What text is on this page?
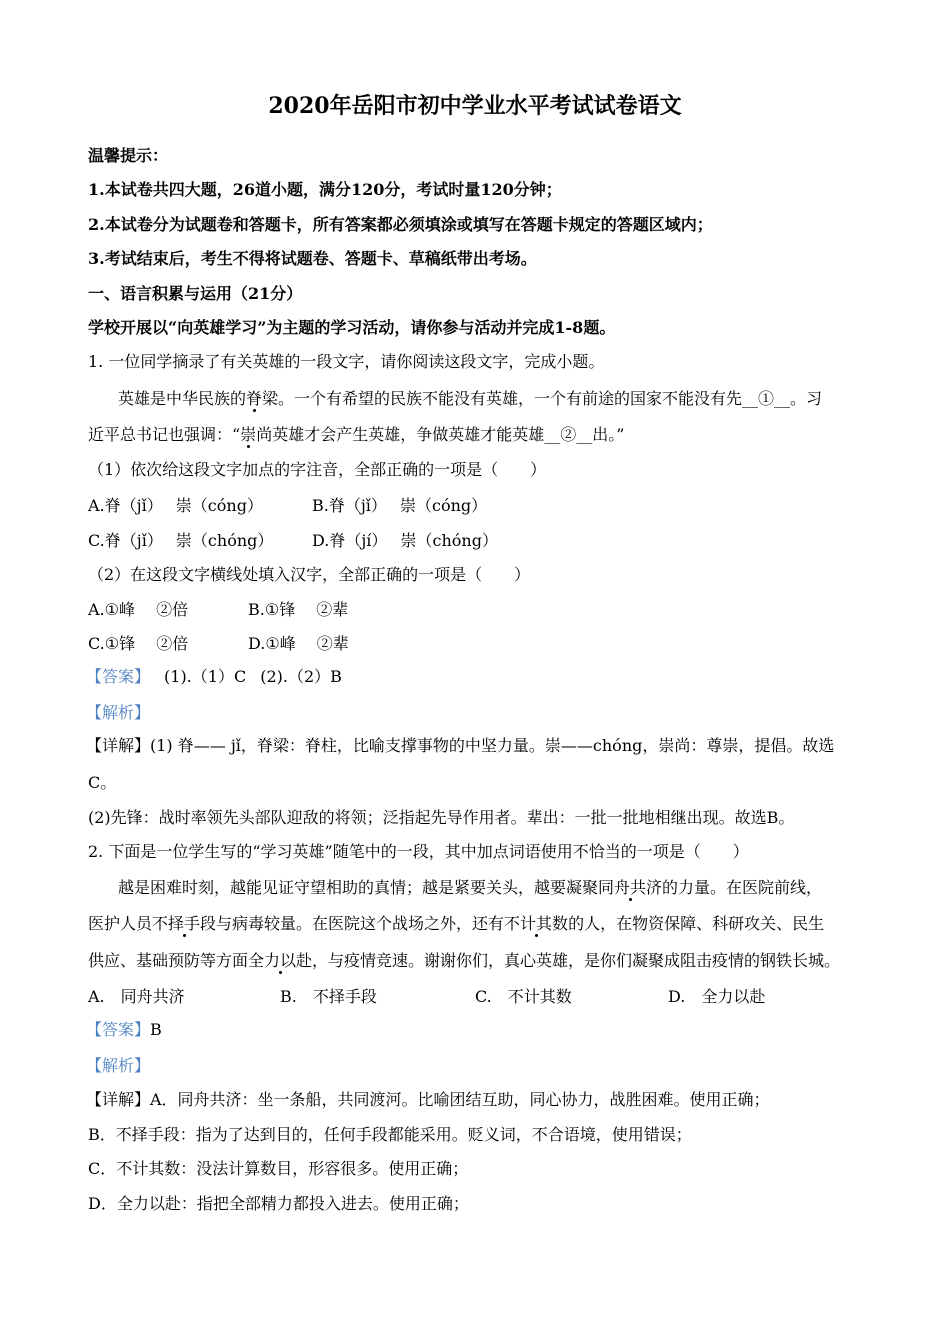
2020年岳阳市初中学业水平考试试卷语文
温馨提示：
1.本试卷共四大题，26道小题，满分120分，考试时量120分钟；
2.本试卷分为试题卷和答题卡，所有答案都必须填涂或填写在答题卡规定的答题区域内；
3.考试结束后，考生不得将试题卷、答题卡、草稿纸带出考场。
一、语言积累与运用（21分）
学校开展以“向英雄学习”为主题的学习活动，请你参与活动并完成1-8题。
1. 一位同学摘录了有关英雄的一段文字，请你阅读这段文字，完成小题。
英雄是中华民族的脊梁。一个有希望的民族不能没有英雄，一个有前途的国家不能没有先__①__。习
近平总书记也强调：“崇尚英雄才会产生英雄，争做英雄才能英雄__②__出。”
（1）依次给这段文字加点的字注音，全部正确的一项是（　　）
A.脊（jǐ）　 崇（cóng）	B.脊（jǐ）　 崇（cóng）
C.脊（jǐ）　 崇（chóng） D.脊（jí）　 崇（chóng）
（2）在这段文字横线处填入汉字，全部正确的一项是（　　）
A.①峰　 ②倍	B.①锋　 ②辈
C.①锋　 ②倍	D.①峰　 ②辈
【答案】 (1).（1）C (2).（2）B
【解析】
【详解】(1) 脊—— jǐ，脊梁：脊柱，比喻支撑事物的中坚力量。崇——chóng，崇尚：尊崇，提倡。故选
C。
(2)先锋：战时率领先头部队迎敌的将领；泛指起先导作用者。辈出：一批一批地相继出现。故选B。
2. 下面是一位学生写的“学习英雄”随笔中的一段，其中加点词语使用不恰当的一项是（　　）
越是困难时刻，越能见证守望相助的真情；越是紧要关头，越要凝聚同舟共济的力量。在医院前线，
医护人员不择手段与病毒较量。在医院这个战场之外，还有不计其数的人，在物资保障、科研攻关、民生
供应、基础预防等方面全力以赴，与疫情竞速。谢谢你们，真心英雄，是你们凝聚成阻击疫情的钢铁长城。
A.　同舟共济	B.　不择手段	C.　不计其数	D.　全力以赴
【答案】B
【解析】
【详解】A．同舟共济：坐一条船，共同渡河。比喻团结互助，同心协力，战胜困难。使用正确；
B．不择手段：指为了达到目的，任何手段都能采用。贬义词，不合语境，使用错误；
C．不计其数：没法计算数目，形容很多。使用正确；
D．全力以赴：指把全部精力都投入进去。使用正确；
